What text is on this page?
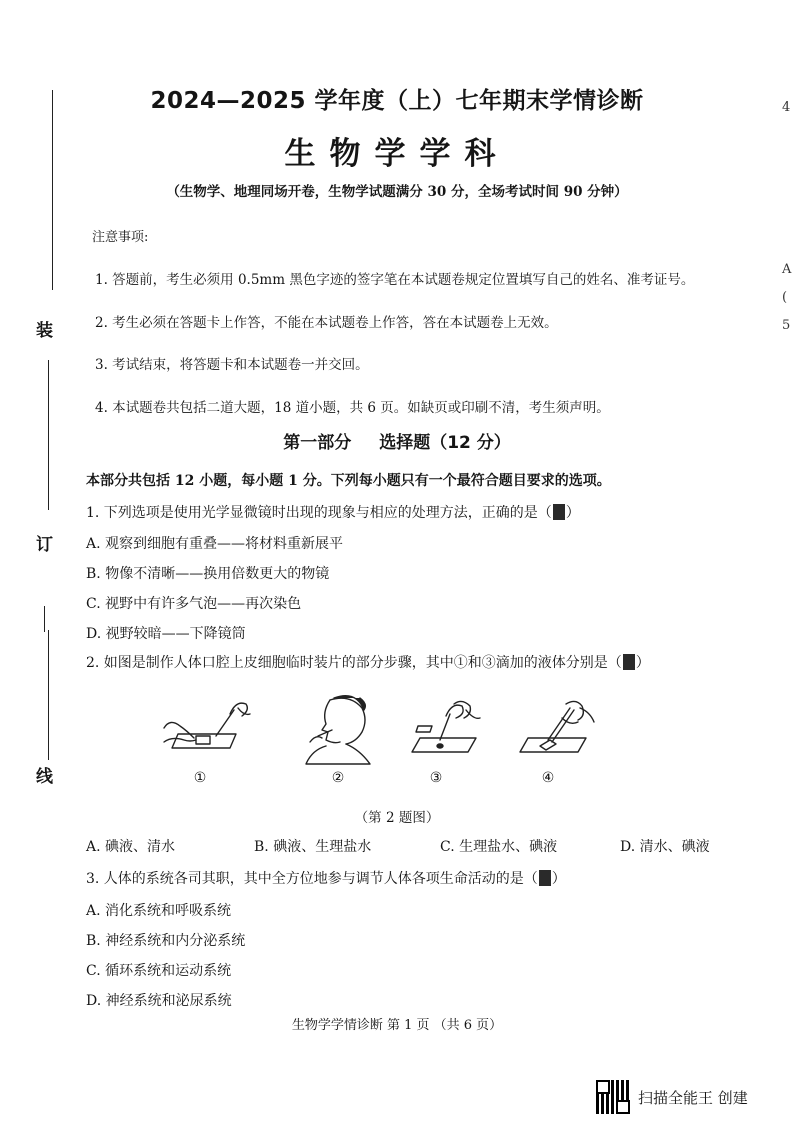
装
订
线
4
A
(
5
2024—2025 学年度（上）七年期末学情诊断
生物学学科
（生物学、地理同场开卷，生物学试题满分 30 分，全场考试时间 90 分钟）
注意事项:
1. 答题前，考生必须用 0.5mm 黑色字迹的签字笔在本试题卷规定位置填写自己的姓名、准考证号。
2. 考生必须在答题卡上作答，不能在本试题卷上作答，答在本试题卷上无效。
3. 考试结束，将答题卡和本试题卷一并交回。
4. 本试题卷共包括二道大题，18 道小题，共 6 页。如缺页或印刷不清，考生须声明。
第一部分 选择题（12 分）
本部分共包括 12 小题，每小题 1 分。下列每小题只有一个最符合题目要求的选项。
1. 下列选项是使用光学显微镜时出现的现象与相应的处理方法，正确的是（ ）
A. 观察到细胞有重叠——将材料重新展平
B. 物像不清晰——换用倍数更大的物镜
C. 视野中有许多气泡——再次染色
D. 视野较暗——下降镜筒
2. 如图是制作人体口腔上皮细胞临时装片的部分步骤，其中①和③滴加的液体分别是（ ）
①	②	③	④
（第 2 题图）
A. 碘液、清水	B. 碘液、生理盐水	C. 生理盐水、碘液	D. 清水、碘液
3. 人体的系统各司其职，其中全方位地参与调节人体各项生命活动的是（ ）
A. 消化系统和呼吸系统
B. 神经系统和内分泌系统
C. 循环系统和运动系统
D. 神经系统和泌尿系统
生物学学情诊断 第 1 页 （共 6 页）
扫描全能王 创建
